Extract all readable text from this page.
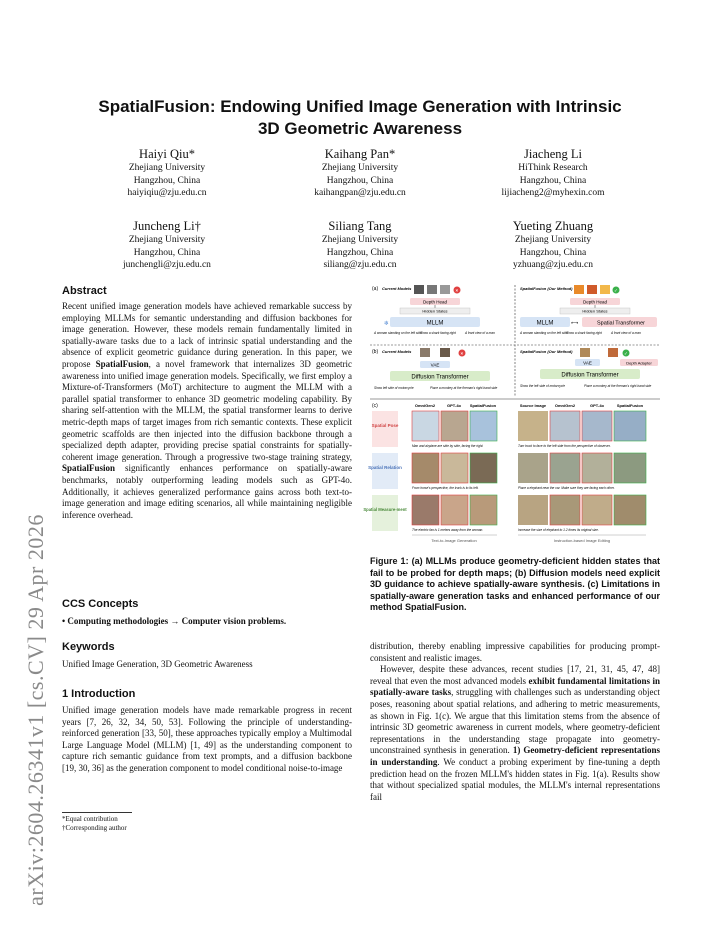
arXiv:2604.26341v1 [cs.CV] 29 Apr 2026
SpatialFusion: Endowing Unified Image Generation with Intrinsic
3D Geometric Awareness
Haiyi Qiu*
Zhejiang University
Hangzhou, China
haiyiqiu@zju.edu.cn
Kaihang Pan*
Zhejiang University
Hangzhou, China
kaihangpan@zju.edu.cn
Jiacheng Li
HiThink Research
Hangzhou, China
lijiacheng2@myhexin.com
Juncheng Li†
Zhejiang University
Hangzhou, China
junchengli@zju.edu.cn
Siliang Tang
Zhejiang University
Hangzhou, China
siliang@zju.edu.cn
Yueting Zhuang
Zhejiang University
Hangzhou, China
yzhuang@zju.edu.cn
Abstract

Recent unified image generation models have achieved remarkable success by employing MLLMs for semantic understanding and diffusion backbones for image generation. However, these models remain fundamentally limited in spatially-aware tasks due to a lack of intrinsic spatial understanding and the absence of explicit geometric guidance during generation. In this paper, we propose SpatialFusion, a novel framework that internalizes 3D geometric awareness into unified image generation models. Specifically, we first employ a Mixture-of-Transformers (MoT) architecture to augment the MLLM with a parallel spatial transformer to enhance 3D geometric modeling capability. By sharing self-attention with the MLLM, the spatial transformer learns to derive metric-depth maps of target images from rich semantic contexts. These explicit geometric scaffolds are then injected into the diffusion backbone through a specialized depth adapter, providing precise spatial constraints for spatially-coherent image generation. Through a progressive two-stage training strategy, SpatialFusion significantly enhances performance on spatially-aware benchmarks, notably outperforming leading models such as GPT-4o. Additionally, it achieves generalized performance gains across both text-to-image generation and image editing scenarios, all while maintaining negligible inference overhead.

CCS Concepts
• Computing methodologies → Computer vision problems.
Keywords
Unified Image Generation, 3D Geometric Awareness
1 Introduction
Unified image generation models have made remarkable progress in recent years [7, 26, 32, 34, 50, 53]. Following the principle of understanding-reinforced generation [33, 50], these approaches typically employ a Multimodal Large Language Model (MLLM) [1, 49] as the understanding component to capture rich semantic guidance from text prompts, and a diffusion backbone [19, 30, 36] as the generation component to model conditional noise-to-image
*Equal contribution
†Corresponding author
(a) Current Models	×
Depth Head
Hidden States
❄	MLLM
A woman standing on the left side
Show a shark facing right	A front view of a man
SpatialFusion (Our Method)	✓
Depth Head
Hidden States
MLLM	⟷	Spatial Transformer
A woman standing on the left side
Show a shark facing right	A front view of a man
(b) Current Models	×
VAE
Diffusion Transformer
Show left side of motorcycle	Place a monkey at the fireman's right-hand side
SpatialFusion (Our Method)	✓
VAE	Depth Adapter
Diffusion Transformer
Show the left side of motorcycle	Place a monkey at the fireman's right-hand side
(c)	OmniGen2	GPT-4o SpatialFusion	Source Image OmniGen2	GPT-4o	SpatialFusion
Spatial Pose
Spatial Relation
Spatial Measure-ment
Man and airplane are side by side, facing the right.	Turn truck to face to the left side from the perspective of observer.
From horse's perspective, the truck is to its left.	Place a elephant near the car. Make sure they are facing each other.
The electric fan is 1 meters away from the woman.	Increase the size of elephant to 1.2 times its original size.
Text-to-Image Generation	Instruction-based Image Editing
Figure 1: (a) MLLMs produce geometry-deficient hidden states that fail to be probed for depth maps; (b) Diffusion models need explicit 3D guidance to achieve spatially-aware synthesis. (c) Limitations in spatially-aware generation tasks and enhanced performance of our method SpatialFusion.

distribution, thereby enabling impressive capabilities for producing prompt-consistent and realistic images.

However, despite these advances, recent studies [17, 21, 31, 45, 47, 48] reveal that even the most advanced models exhibit fundamental limitations in spatially-aware tasks, struggling with challenges such as understanding object poses, reasoning about spatial relations, and adhering to metric measurements, as shown in Fig. 1(c). We argue that this limitation stems from the absence of intrinsic 3D geometric awareness in current models, where geometry-deficient representations in the understanding stage propagate into geometry-unconstrained synthesis in generation. 1) Geometry-deficient representations in understanding. We conduct a probing experiment by fine-tuning a depth prediction head on the frozen MLLM's hidden states in Fig. 1(a). Results show that without specialized spatial modules, the MLLM's internal representations fail
